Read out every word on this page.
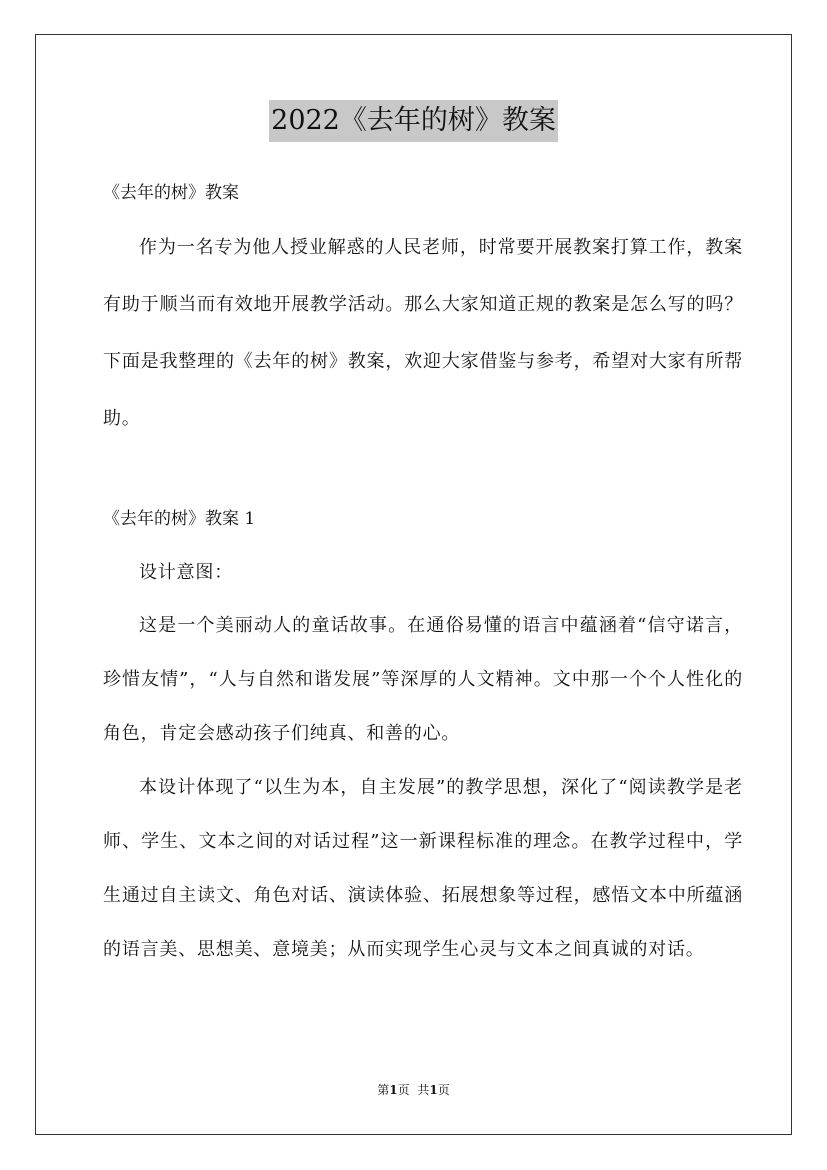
2022《去年的树》教案
《去年的树》教案
作为一名专为他人授业解惑的人民老师，时常要开展教案打算工作，教案有助于顺当而有效地开展教学活动。那么大家知道正规的教案是怎么写的吗？下面是我整理的《去年的树》教案，欢迎大家借鉴与参考，希望对大家有所帮助。
《去年的树》教案 1
设计意图：
这是一个美丽动人的童话故事。在通俗易懂的语言中蕴涵着“信守诺言，珍惜友情”，“人与自然和谐发展”等深厚的人文精神。文中那一个个人性化的角色，肯定会感动孩子们纯真、和善的心。
本设计体现了“以生为本，自主发展”的教学思想，深化了“阅读教学是老师、学生、文本之间的对话过程”这一新课程标准的理念。在教学过程中，学生通过自主读文、角色对话、演读体验、拓展想象等过程，感悟文本中所蕴涵的语言美、思想美、意境美；从而实现学生心灵与文本之间真诚的对话。
第1页 共1页
